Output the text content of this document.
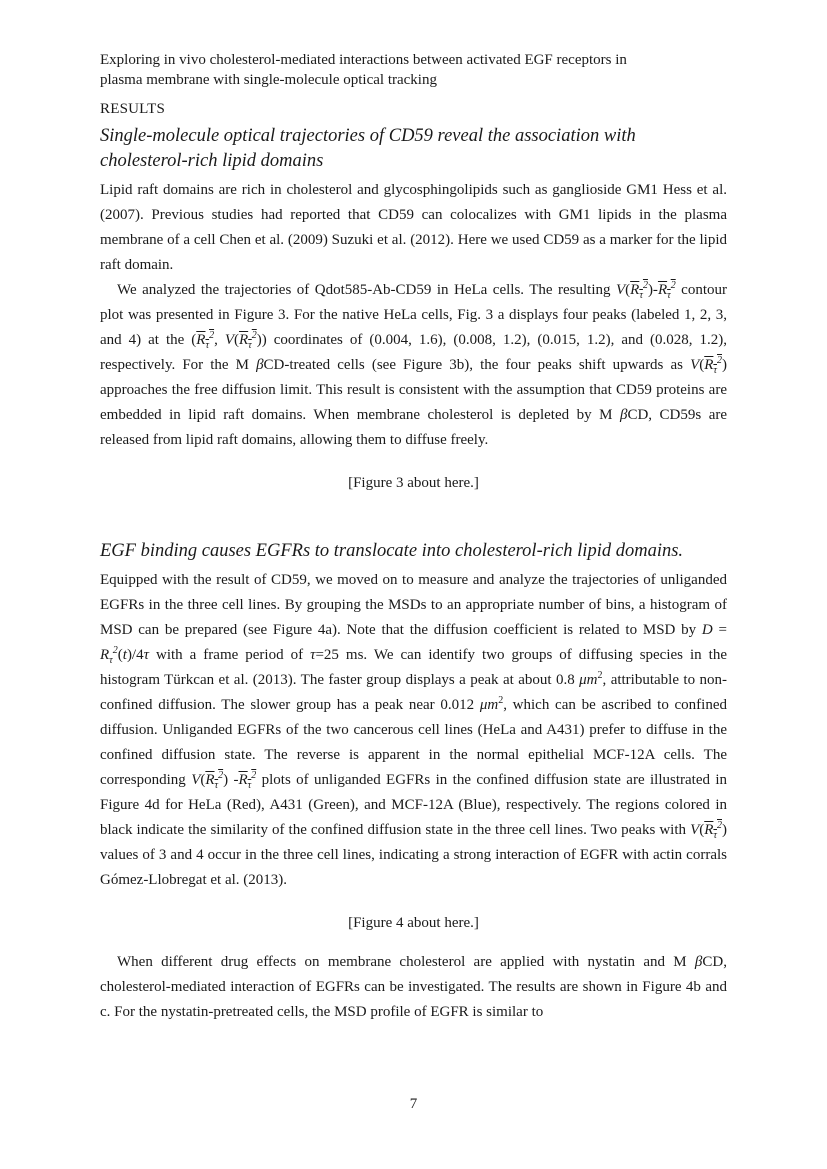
Exploring in vivo cholesterol-mediated interactions between activated EGF receptors in
plasma membrane with single-molecule optical tracking

RESULTS

Single-molecule optical trajectories of CD59 reveal the association with
cholesterol-rich lipid domains

Lipid raft domains are rich in cholesterol and glycosphingolipids such as ganglioside GM1 Hess et al. (2007). Previous studies had reported that CD59 can colocalizes with GM1 lipids in the plasma membrane of a cell Chen et al. (2009) Suzuki et al. (2012). Here we used CD59 as a marker for the lipid raft domain.

We analyzed the trajectories of Qdot585-Ab-CD59 in HeLa cells. The resulting $V(R_\tau^2)-R_\tau^2$ contour plot was presented in Figure 3. For the native HeLa cells, Fig. 3 a displays four peaks (labeled 1, 2, 3, and 4) at the ($R_\tau^2$, $V(R_\tau^2)$) coordinates of (0.004, 1.6), (0.008, 1.2), (0.015, 1.2), and (0.028, 1.2), respectively. For the M βCD-treated cells (see Figure 3b), the four peaks shift upwards as $V(R_\tau^2)$ approaches the free diffusion limit. This result is consistent with the assumption that CD59 proteins are embedded in lipid raft domains. When membrane cholesterol is depleted by M βCD, CD59s are released from lipid raft domains, allowing them to diffuse freely.

[Figure 3 about here.]

EGF binding causes EGFRs to translocate into cholesterol-rich lipid domains.

Equipped with the result of CD59, we moved on to measure and analyze the trajectories of unliganded EGFRs in the three cell lines. By grouping the MSDs to an appropriate number of bins, a histogram of MSD can be prepared (see Figure 4a). Note that the diffusion coefficient is related to MSD by $D = R_\tau^2(t)/4\tau$ with a frame period of τ=25 ms. We can identify two groups of diffusing species in the histogram Türkcan et al. (2013). The faster group displays a peak at about 0.8 $\mu m^2$, attributable to non-confined diffusion. The slower group has a peak near 0.012 $\mu m^2$, which can be ascribed to confined diffusion. Unliganded EGFRs of the two cancerous cell lines (HeLa and A431) prefer to diffuse in the confined diffusion state. The reverse is apparent in the normal epithelial MCF-12A cells. The corresponding $V(R_\tau^2)$ $-R_\tau^2$ plots of unliganded EGFRs in the confined diffusion state are illustrated in Figure 4d for HeLa (Red), A431 (Green), and MCF-12A (Blue), respectively. The regions colored in black indicate the similarity of the confined diffusion state in the three cell lines. Two peaks with $V(R_\tau^2)$ values of 3 and 4 occur in the three cell lines, indicating a strong interaction of EGFR with actin corrals Gómez-Llobregat et al. (2013).

[Figure 4 about here.]

When different drug effects on membrane cholesterol are applied with nystatin and M βCD, cholesterol-mediated interaction of EGFRs can be investigated. The results are shown in Figure 4b and c. For the nystatin-pretreated cells, the MSD profile of EGFR is similar to

7
